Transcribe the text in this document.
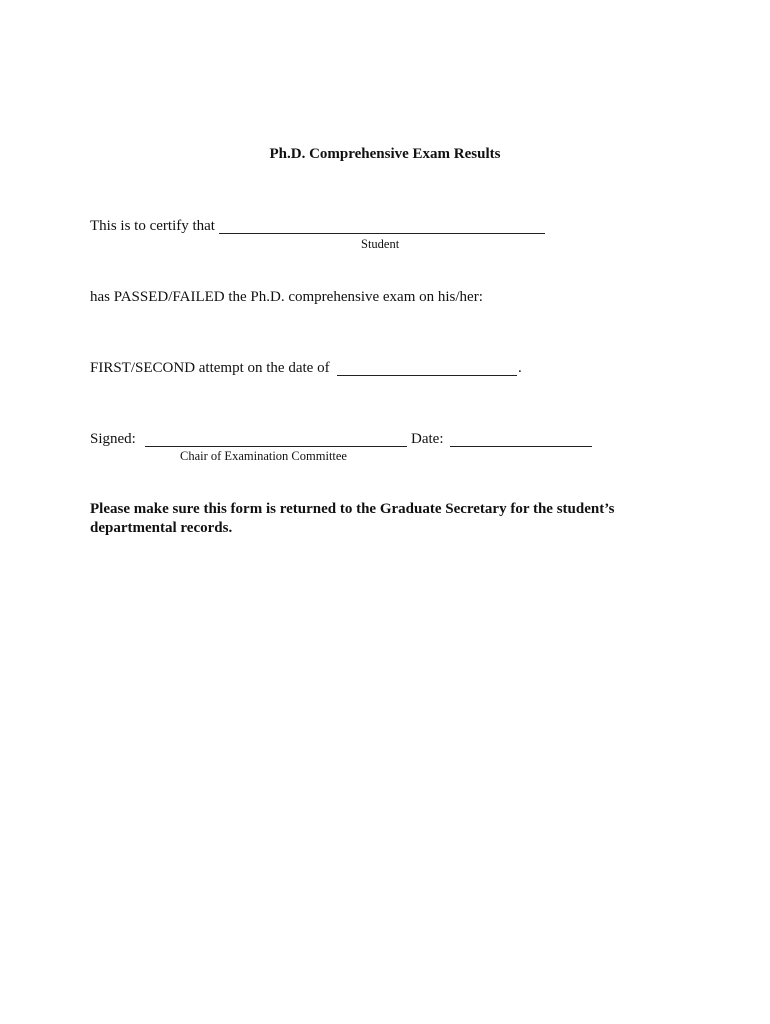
Ph.D. Comprehensive Exam Results
This is to certify that
Student
has PASSED/FAILED the Ph.D. comprehensive exam on his/her:
FIRST/SECOND attempt on the date of	.
Signed:	Date:
Chair of Examination Committee
Please make sure this form is returned to the Graduate Secretary for the student’s
departmental records.
